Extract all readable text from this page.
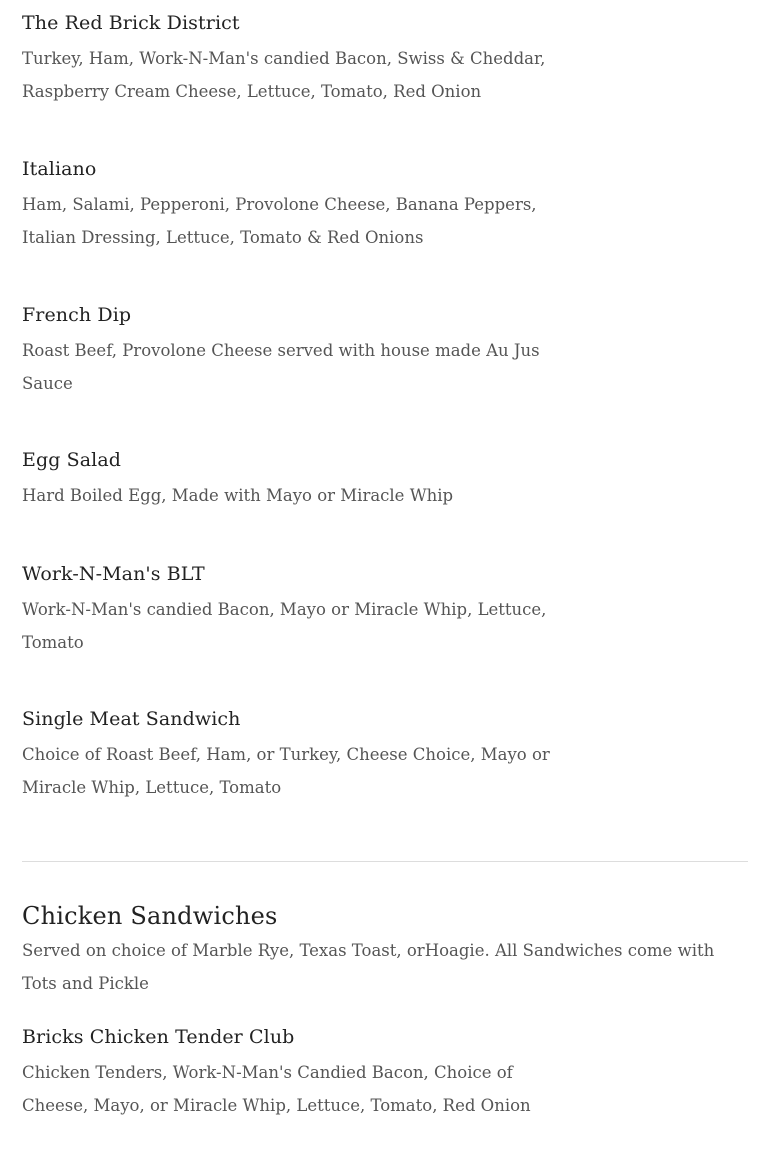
The Red Brick District
Turkey, Ham, Work-N-Man's candied Bacon, Swiss & Cheddar, Raspberry Cream Cheese, Lettuce, Tomato, Red Onion
Italiano
Ham, Salami, Pepperoni, Provolone Cheese, Banana Peppers, Italian Dressing, Lettuce, Tomato & Red Onions
French Dip
Roast Beef, Provolone Cheese served with house made Au Jus Sauce
Egg Salad
Hard Boiled Egg, Made with Mayo or Miracle Whip
Work-N-Man's BLT
Work-N-Man's candied Bacon, Mayo or Miracle Whip, Lettuce, Tomato
Single Meat Sandwich
Choice of Roast Beef, Ham, or Turkey, Cheese Choice, Mayo or Miracle Whip, Lettuce, Tomato
Chicken Sandwiches
Served on choice of Marble Rye, Texas Toast, orHoagie. All Sandwiches come with Tots and Pickle
Bricks Chicken Tender Club
Chicken Tenders, Work-N-Man's Candied Bacon, Choice of Cheese, Mayo, or Miracle Whip, Lettuce, Tomato, Red Onion
